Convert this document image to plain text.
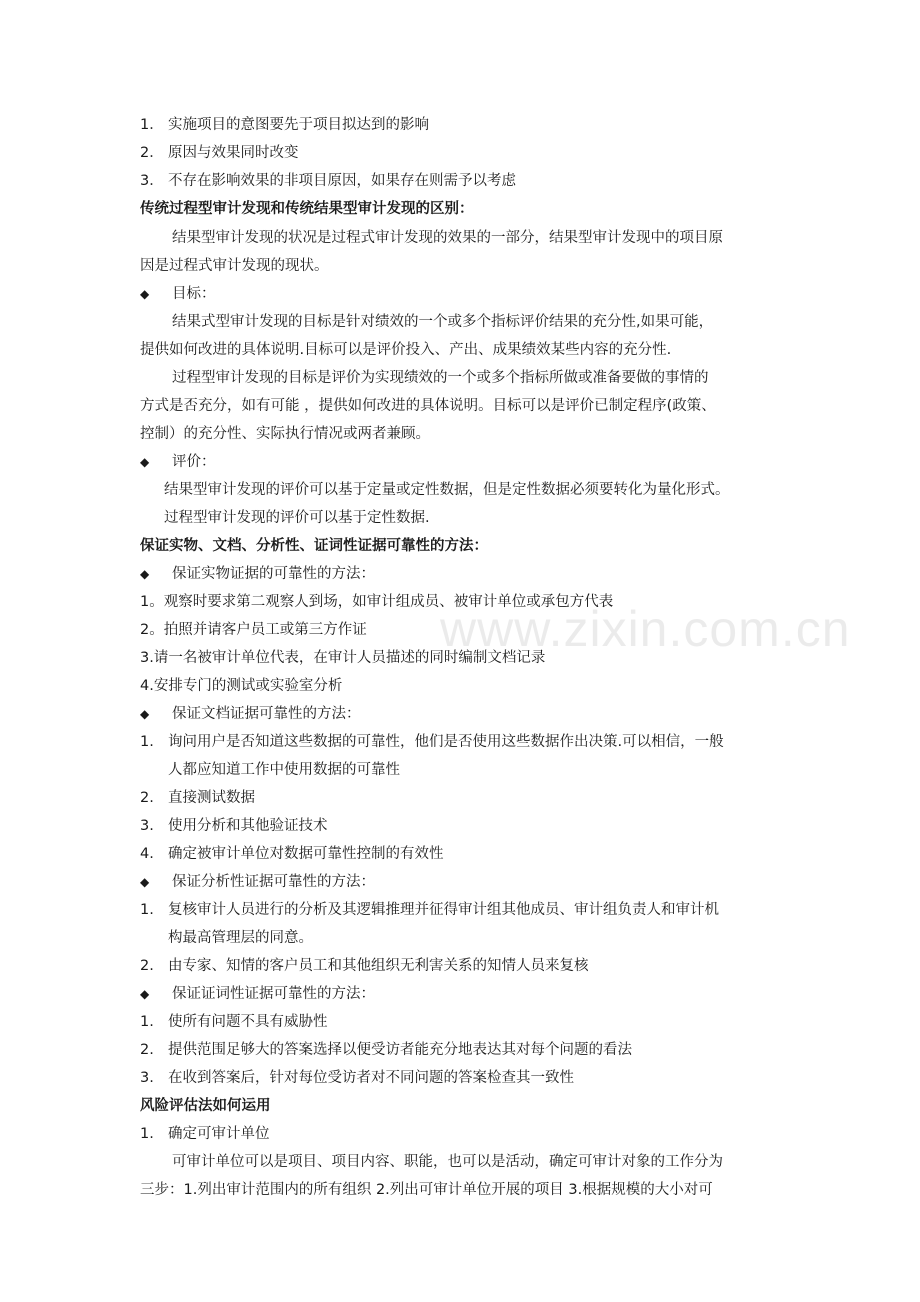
www.zixin.com.cn
1． 实施项目的意图要先于项目拟达到的影响
2． 原因与效果同时改变
3． 不存在影响效果的非项目原因，如果存在则需予以考虑
传统过程型审计发现和传统结果型审计发现的区别：
结果型审计发现的状况是过程式审计发现的效果的一部分，结果型审计发现中的项目原
因是过程式审计发现的现状。
◆ 目标：
结果式型审计发现的目标是针对绩效的一个或多个指标评价结果的充分性,如果可能，
提供如何改进的具体说明.目标可以是评价投入、产出、成果绩效某些内容的充分性.
过程型审计发现的目标是评价为实现绩效的一个或多个指标所做或准备要做的事情的
方式是否充分，如有可能 ，提供如何改进的具体说明。目标可以是评价已制定程序(政策、
控制）的充分性、实际执行情况或两者兼顾。
◆ 评价：
结果型审计发现的评价可以基于定量或定性数据，但是定性数据必须要转化为量化形式。
过程型审计发现的评价可以基于定性数据.
保证实物、文档、分析性、证词性证据可靠性的方法：
◆ 保证实物证据的可靠性的方法：
1。观察时要求第二观察人到场，如审计组成员、被审计单位或承包方代表
2。拍照并请客户员工或第三方作证
3.请一名被审计单位代表，在审计人员描述的同时编制文档记录
4.安排专门的测试或实验室分析
◆ 保证文档证据可靠性的方法：
1. 询问用户是否知道这些数据的可靠性，他们是否使用这些数据作出决策.可以相信，一般
人都应知道工作中使用数据的可靠性
2. 直接测试数据
3. 使用分析和其他验证技术
4. 确定被审计单位对数据可靠性控制的有效性
◆ 保证分析性证据可靠性的方法：
1. 复核审计人员进行的分析及其逻辑推理并征得审计组其他成员、审计组负责人和审计机
构最高管理层的同意。
2. 由专家、知情的客户员工和其他组织无利害关系的知情人员来复核
◆ 保证证词性证据可靠性的方法：
1. 使所有问题不具有威胁性
2. 提供范围足够大的答案选择以便受访者能充分地表达其对每个问题的看法
3. 在收到答案后，针对每位受访者对不同问题的答案检查其一致性
风险评估法如何运用
1. 确定可审计单位
可审计单位可以是项目、项目内容、职能，也可以是活动，确定可审计对象的工作分为
三步：1.列出审计范围内的所有组织 2.列出可审计单位开展的项目 3.根据规模的大小对可
